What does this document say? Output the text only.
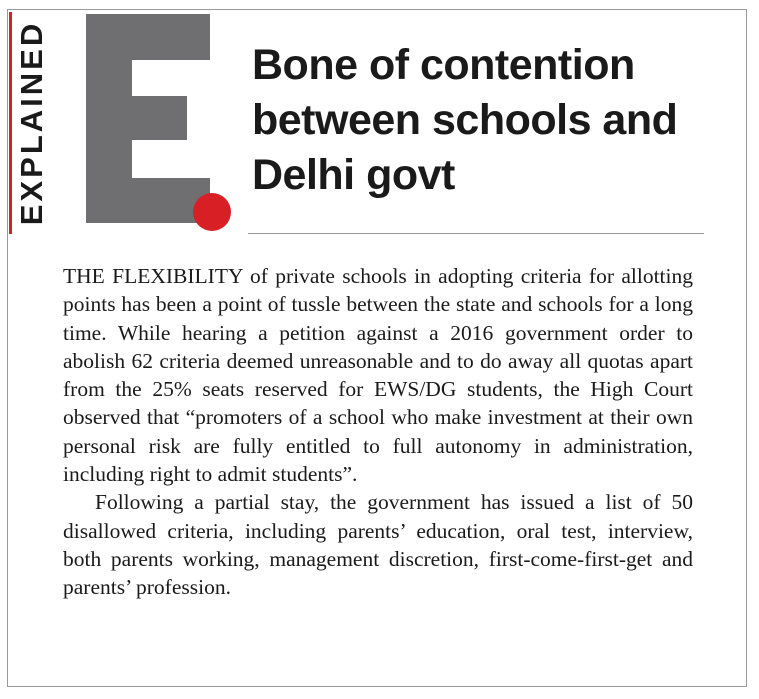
EXPLAINED	Bone of contention between schools and Delhi govt

THE FLEXIBILITY of private schools in adopting criteria for allotting points has been a point of tussle between the state and schools for a long time. While hearing a petition against a 2016 government order to abolish 62 criteria deemed unreasonable and to do away all quotas apart from the 25% seats reserved for EWS/DG students, the High Court observed that “promoters of a school who make investment at their own personal risk are fully entitled to full autonomy in administration, including right to admit students”.

Following a partial stay, the government has issued a list of 50 disallowed criteria, including parents’ education, oral test, interview, both parents working, management discretion, first-come-first-get and parents’ profession.
